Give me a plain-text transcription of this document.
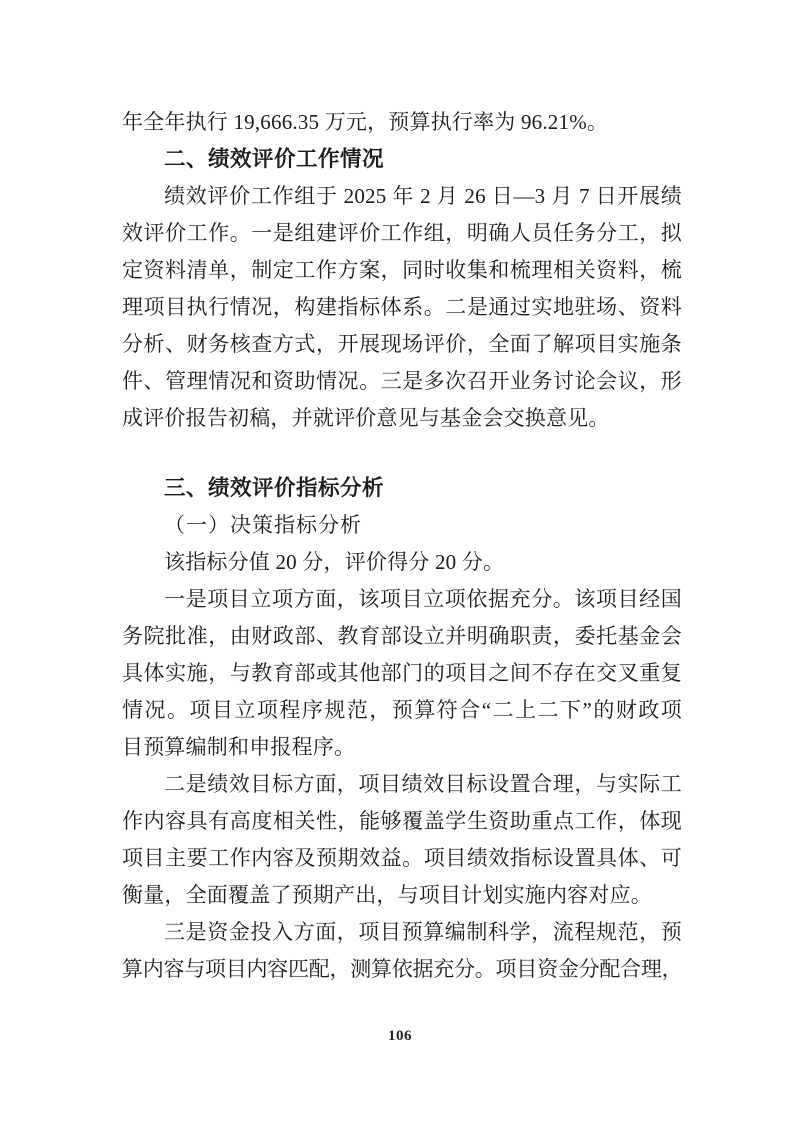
年全年执行 19,666.35 万元，预算执行率为 96.21%。
二、绩效评价工作情况
绩效评价工作组于 2025 年 2 月 26 日—3 月 7 日开展绩
效评价工作。一是组建评价工作组，明确人员任务分工，拟
定资料清单，制定工作方案，同时收集和梳理相关资料，梳
理项目执行情况，构建指标体系。二是通过实地驻场、资料
分析、财务核查方式，开展现场评价，全面了解项目实施条
件、管理情况和资助情况。三是多次召开业务讨论会议，形
成评价报告初稿，并就评价意见与基金会交换意见。
三、绩效评价指标分析
（一）决策指标分析
该指标分值 20 分，评价得分 20 分。
一是项目立项方面，该项目立项依据充分。该项目经国
务院批准，由财政部、教育部设立并明确职责，委托基金会
具体实施，与教育部或其他部门的项目之间不存在交叉重复
情况。项目立项程序规范，预算符合“二上二下”的财政项
目预算编制和申报程序。
二是绩效目标方面，项目绩效目标设置合理，与实际工
作内容具有高度相关性，能够覆盖学生资助重点工作，体现
项目主要工作内容及预期效益。项目绩效指标设置具体、可
衡量，全面覆盖了预期产出，与项目计划实施内容对应。
三是资金投入方面，项目预算编制科学，流程规范，预
算内容与项目内容匹配，测算依据充分。项目资金分配合理，
106
